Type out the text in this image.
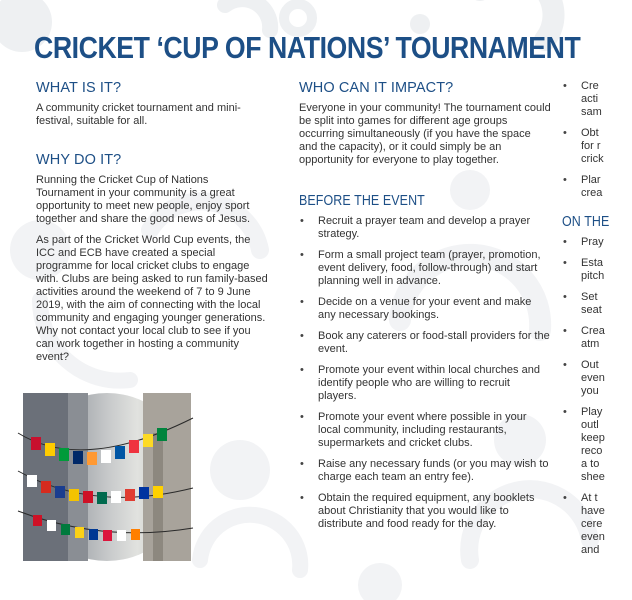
CRICKET ‘CUP OF NATIONS’ TOURNAMENT
WHAT IS IT?

A community cricket tournament and mini-festival, suitable for all.

WHY DO IT?

Running the Cricket Cup of Nations Tournament in your community is a great opportunity to meet new people, enjoy sport together and share the good news of Jesus.

As part of the Cricket World Cup events, the ICC and ECB have created a special programme for local cricket clubs to engage with. Clubs are being asked to run family-based activities around the weekend of 7 to 9 June 2019, with the aim of connecting with the local community and engaging younger generations. Why not contact your local club to see if you can work together in hosting a community event?

WHO CAN IT IMPACT?

Everyone in your community! The tournament could be split into games for different age groups occurring simultaneously (if you have the space and the capacity), or it could simply be an opportunity for everyone to play together.

BEFORE THE EVENT
• Recruit a prayer team and develop a prayer strategy.
• Form a small project team (prayer, promotion, event delivery, food, follow-through) and start planning well in advance.
• Decide on a venue for your event and make any necessary bookings.
• Book any caterers or food-stall providers for the event.
• Promote your event within local churches and identify people who are willing to recruit players.
• Promote your event where possible in your local community, including restaurants, supermarkets and cricket clubs.
• Raise any necessary funds (or you may wish to charge each team an entry fee).
• Obtain the required equipment, any booklets about Christianity that you would like to distribute and food ready for the day.
• Cre
acti
sam
• Obt
for r
crick
• Plar
crea
ON THE
• Pray
• Esta
pitch
• Set
seat
• Crea
atm
• Out
even
you
• Play
outl
keep
reco
a to
shee
• At t
have
cere
even
and
